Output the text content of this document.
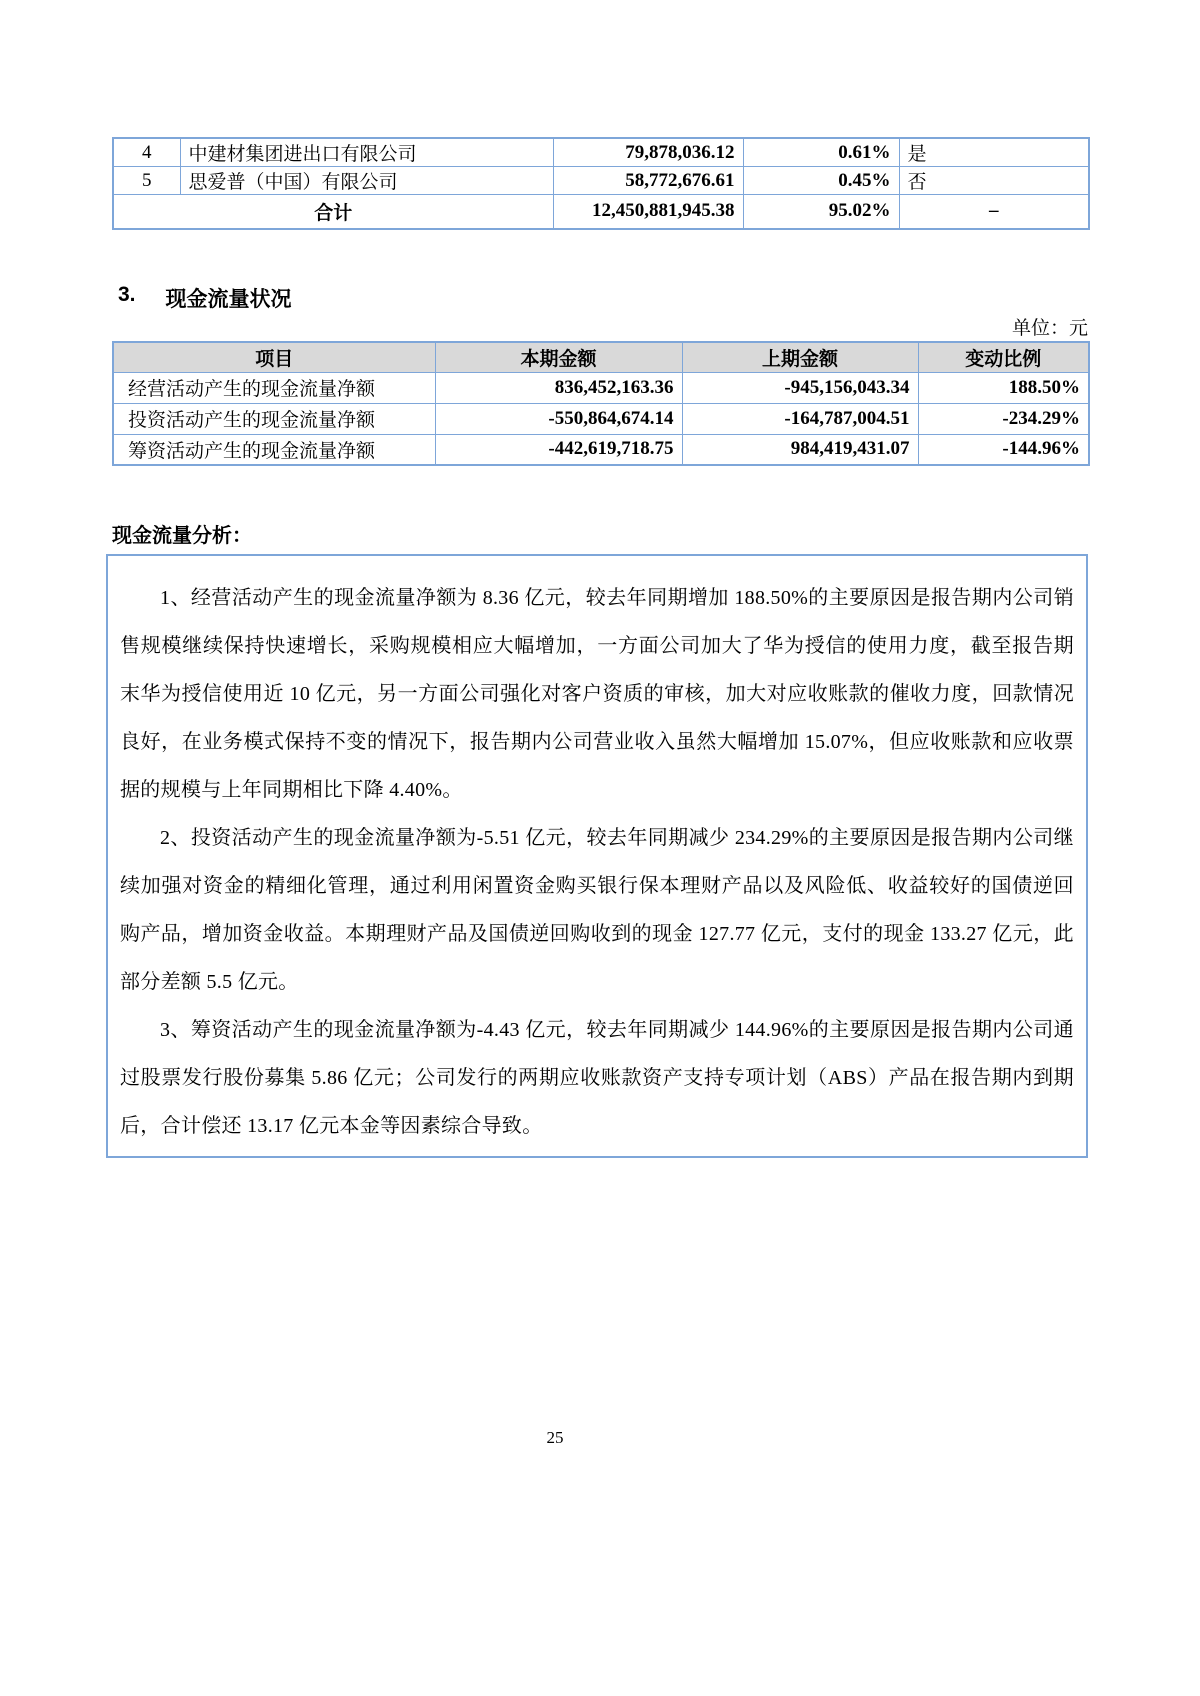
4	中建材集团进出口有限公司	79,878,036.12	0.61%	是
5	思爱普（中国）有限公司	58,772,676.61	0.45%	否
合计		12,450,881,945.38	95.02%	–
3. 现金流量状况
单位：元
项目	本期金额	上期金额	变动比例
经营活动产生的现金流量净额	836,452,163.36	-945,156,043.34	188.50%
投资活动产生的现金流量净额	-550,864,674.14	-164,787,004.51	-234.29%
筹资活动产生的现金流量净额	-442,619,718.75	984,419,431.07	-144.96%
现金流量分析：

1、经营活动产生的现金流量净额为 8.36 亿元，较去年同期增加 188.50%的主要原因是报告期内公司销售规模继续保持快速增长，采购规模相应大幅增加，一方面公司加大了华为授信的使用力度，截至报告期末华为授信使用近 10 亿元，另一方面公司强化对客户资质的审核，加大对应收账款的催收力度，回款情况良好，在业务模式保持不变的情况下，报告期内公司营业收入虽然大幅增加 15.07%，但应收账款和应收票据的规模与上年同期相比下降 4.40%。

2、投资活动产生的现金流量净额为-5.51 亿元，较去年同期减少 234.29%的主要原因是报告期内公司继续加强对资金的精细化管理，通过利用闲置资金购买银行保本理财产品以及风险低、收益较好的国债逆回购产品，增加资金收益。本期理财产品及国债逆回购收到的现金 127.77 亿元，支付的现金 133.27 亿元，此部分差额 5.5 亿元。

3、筹资活动产生的现金流量净额为-4.43 亿元，较去年同期减少 144.96%的主要原因是报告期内公司通过股票发行股份募集 5.86 亿元；公司发行的两期应收账款资产支持专项计划（ABS）产品在报告期内到期后，合计偿还 13.17 亿元本金等因素综合导致。

25
